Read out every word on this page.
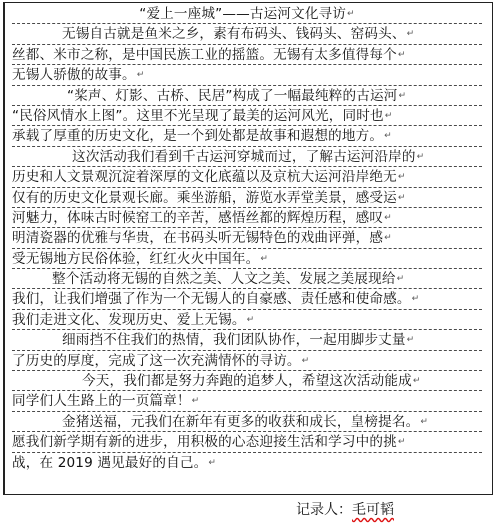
“爱上一座城”——古运河文化寻访↵
无锡自古就是鱼米之乡，素有布码头、钱码头、窑码头、↵
丝都、米市之称，是中国民族工业的摇篮。无锡有太多值得每个↵
无锡人骄傲的故事。↵
“桨声、灯影、古桥、民居”构成了一幅最纯粹的古运河↵
“民俗风情水上图”。这里不光呈现了最美的运河风光，同时也↵
承载了厚重的历史文化，是一个到处都是故事和遐想的地方。↵
这次活动我们看到千古运河穿城而过，了解古运河沿岸的↵
历史和人文景观沉淀着深厚的文化底蕴以及京杭大运河沿岸绝无↵
仅有的历史文化景观长廊。乘坐游船，游览水弄堂美景，感受运↵
河魅力，体味古时候窑工的辛苦，感悟丝都的辉煌历程，感叹↵
明清瓷器的优雅与华贵，在书码头听无锡特色的戏曲评弹，感↵
受无锡地方民俗体验，红红火火中国年。↵
整个活动将无锡的自然之美、人文之美、发展之美展现给↵
我们，让我们增强了作为一个无锡人的自豪感、责任感和使命感。↵
我们走进文化、发现历史、爱上无锡。↵
细雨挡不住我们的热情，我们团队协作，一起用脚步丈量↵
了历史的厚度，完成了这一次充满情怀的寻访。↵
今天，我们都是努力奔跑的追梦人，希望这次活动能成↵
同学们人生路上的一页篇章！↵
金猪送福，元我们在新年有更多的收获和成长，皇榜提名。↵
愿我们新学期有新的进步，用积极的心态迎接生活和学习中的挑↵
战，在 2019 遇见最好的自己。↵
记录人：毛可韬
